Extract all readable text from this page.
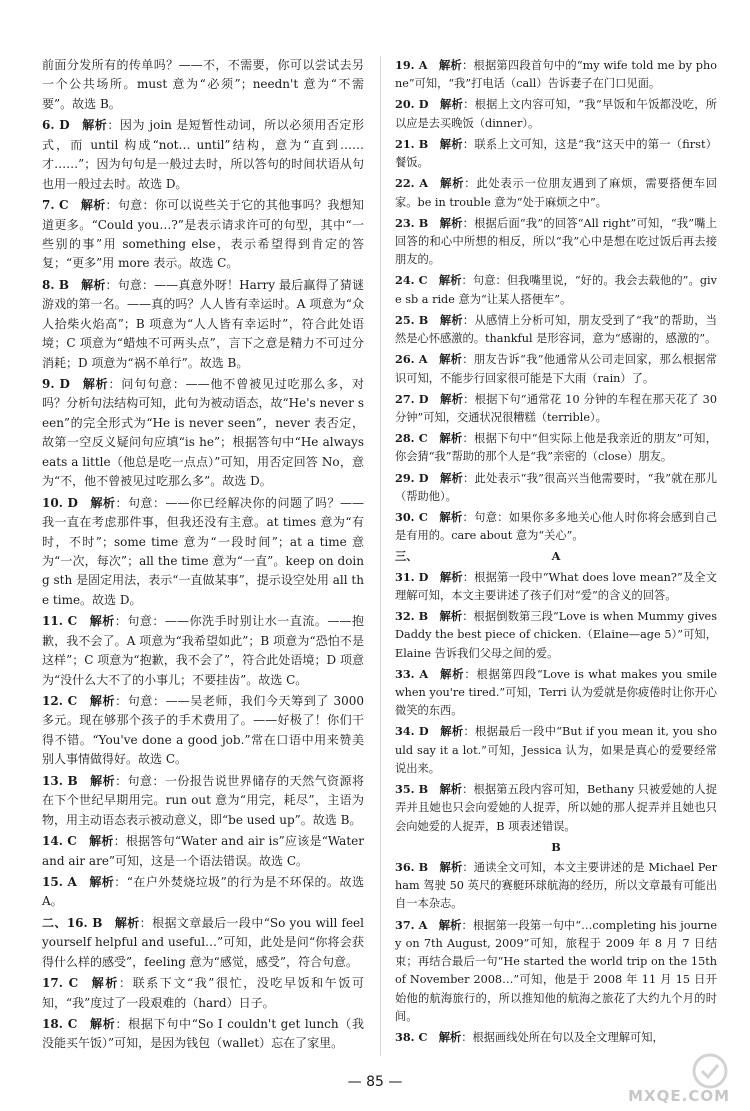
前面分发所有的传单吗？——不，不需要，你可以尝试去另一个公共场所。must 意为“必须”；needn't 意为“不需要”。故选 B。
6. D  解析：因为 join 是短暂性动词，所以必须用否定形式，而 until 构成“not… until”结构，意为“直到……才……”；因为句句是一般过去时，所以答句的时间状语从句也用一般过去时。故选 D。
7. C  解析：句意：你可以说些关于它的其他事吗？我想知道更多。“Could you…?”是表示请求许可的句型，其中“一些别的事”用 something else，表示希望得到肯定的答复；“更多”用 more 表示。故选 C。
8. B  解析：句意：——真意外呀！Harry 最后赢得了猜谜游戏的第一名。——真的吗？人人皆有幸运时。A 项意为“众人拾柴火焰高”；B 项意为“人人皆有幸运时”，符合此处语境；C 项意为“蜡烛不可两头点”，言下之意是精力不可过分消耗；D 项意为“祸不单行”。故选 B。
9. D  解析：问句句意：——他不曾被见过吃那么多，对吗？分析句法结构可知，此句为被动语态，故“He's never seen”的完全形式为“He is never seen”，never 表否定，故第一空反义疑问句应填“is he”；根据答句中“He always eats a little（他总是吃一点点）”可知，用否定回答 No，意为“不，他不曾被见过吃那么多”。故选 D。
10. D  解析：句意：——你已经解决你的问题了吗？——我一直在考虑那件事，但我还没有主意。at times 意为“有时，不时”；some time 意为“一段时间”；at a time 意为“一次，每次”；all the time 意为“一直”。keep on doing sth 是固定用法，表示“一直做某事”，提示设空处用 all the time。故选 D。
11. C  解析：句意：——你洗手时别让水一直流。——抱歉，我不会了。A 项意为“我希望如此”；B 项意为“恐怕不是这样”；C 项意为“抱歉，我不会了”，符合此处语境；D 项意为“没什么大不了的小事儿；不要挂齿”。故选 C。
12. C  解析：句意：——吴老师，我们今天筹到了 3000 多元。现在够那个孩子的手术费用了。——好极了！你们干得不错。“You've done a good job.”常在口语中用来赞美别人事情做得好。故选 C。
13. B  解析：句意：一份报告说世界储存的天然气资源将在下个世纪早期用完。run out 意为“用完，耗尽”，主语为物，用主动语态表示被动意义，即“be used up”。故选 B。
14. C  解析：根据答句“Water and air is”应该是“Water and air are”可知，这是一个语法错误。故选 C。
15. A  解析：“在户外焚烧垃圾”的行为是不环保的。故选 A。
二、16. B  解析：根据文章最后一段中“So you will feel yourself helpful and useful…”可知，此处是问“你将会获得什么样的感受”，feeling 意为“感觉，感受”，符合句意。
17. C  解析：联系下文“我”很忙，没吃早饭和午饭可知，“我”度过了一段艰难的（hard）日子。
18. C  解析：根据下句中“So I couldn't get lunch（我没能买午饭）”可知，是因为钱包（wallet）忘在了家里。
19. A  解析：根据第四段首句中的“my wife told me by phone”可知，“我”打电话（call）告诉妻子在门口见面。
20. D  解析：根据上文内容可知，“我”早饭和午饭都没吃，所以应是去买晚饭（dinner）。
21. B  解析：联系上文可知，这是“我”这天中的第一（first）餐饭。
22. A  解析：此处表示一位朋友遇到了麻烦，需要搭便车回家。be in trouble 意为“处于麻烦之中”。
23. B  解析：根据后面“我”的回答“All right”可知，“我”嘴上回答的和心中所想的相反，所以“我”心中是想在吃过饭后再去接朋友的。
24. C  解析：句意：但我嘴里说，“好的。我会去载他的”。give sb a ride 意为“让某人搭便车”。
25. B  解析：从感情上分析可知，朋友受到了“我”的帮助，当然是心怀感激的。thankful 是形容词，意为“感谢的，感激的”。
26. A  解析：朋友告诉“我”他通常从公司走回家，那么根据常识可知，不能步行回家很可能是下大雨（rain）了。
27. D  解析：根据下句“通常花 10 分钟的车程在那天花了 30 分钟”可知，交通状况很糟糕（terrible）。
28. C  解析：根据下句中“但实际上他是我亲近的朋友”可知，你会猜“我”帮助的那个人是“我”亲密的（close）朋友。
29. D  解析：此处表示“我”很高兴当他需要时，“我”就在那儿（帮助他）。
30. C  解析：句意：如果你多多地关心他人时你将会感到自己是有用的。care about 意为“关心”。
三、	A
31. D  解析：根据第一段中“What does love mean?”及全文理解可知，本文主要讲述了孩子们对“爱”的含义的回答。
32. B  解析：根据倒数第三段“Love is when Mummy gives Daddy the best piece of chicken.（Elaine—age 5）”可知，Elaine 告诉我们父母之间的爱。
33. A  解析：根据第四段“Love is what makes you smile when you're tired.”可知，Terri 认为爱就是你疲倦时让你开心微笑的东西。
34. D  解析：根据最后一段中“But if you mean it, you should say it a lot.”可知，Jessica 认为，如果是真心的爱要经常说出来。
35. B  解析：根据第五段内容可知，Bethany 只被爱她的人捉弄并且她也只会向爱她的人捉弄，所以她的那人捉弄并且她也只会向她爱的人捉弄，B 项表述错误。
B
36. B  解析：通读全文可知，本文主要讲述的是 Michael Perham 驾驶 50 英尺的赛艇环球航海的经历，所以文章最有可能出自一本杂志。
37. A  解析：根据第一段第一句中“…completing his journey on 7th August, 2009”可知，旅程于 2009 年 8 月 7 日结束；再结合最后一句“He started the world trip on the 15th of November 2008…”可知，他是于 2008 年 11 月 15 日开始他的航海旅行的，所以推知他的航海之旅花了大约九个月的时间。
38. C  解析：根据画线处所在句以及全文理解可知，
— 85 —
MXQE.COM
